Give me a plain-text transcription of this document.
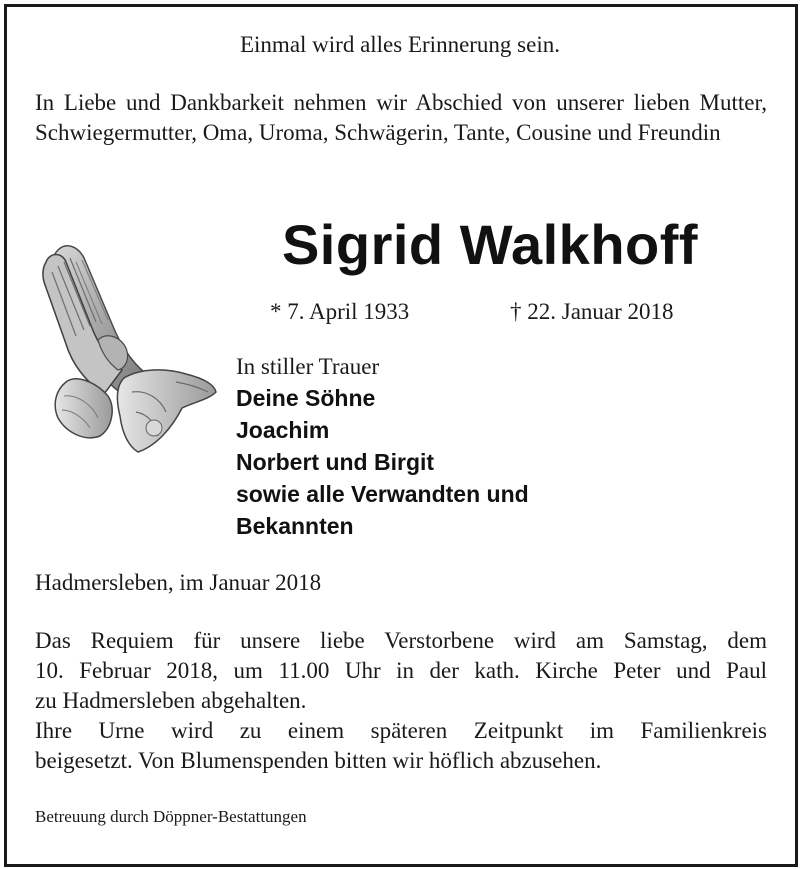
Einmal wird alles Erinnerung sein.
In Liebe und Dankbarkeit nehmen wir Abschied von unserer lieben Mutter, Schwiegermutter, Oma, Uroma, Schwägerin, Tante, Cousine und Freundin
Sigrid Walkhoff
* 7. April 1933	† 22. Januar 2018
In stiller Trauer
Deine Söhne
Joachim
Norbert und Birgit
sowie alle Verwandten und
Bekannten
Hadmersleben, im Januar 2018
Das Requiem für unsere liebe Verstorbene wird am Samstag, dem
10. Februar 2018, um 11.00 Uhr in der kath. Kirche Peter und Paul
zu Hadmersleben abgehalten.
Ihre Urne wird zu einem späteren Zeitpunkt im Familienkreis
beigesetzt. Von Blumenspenden bitten wir höflich abzusehen.
Betreuung durch Döppner-Bestattungen
